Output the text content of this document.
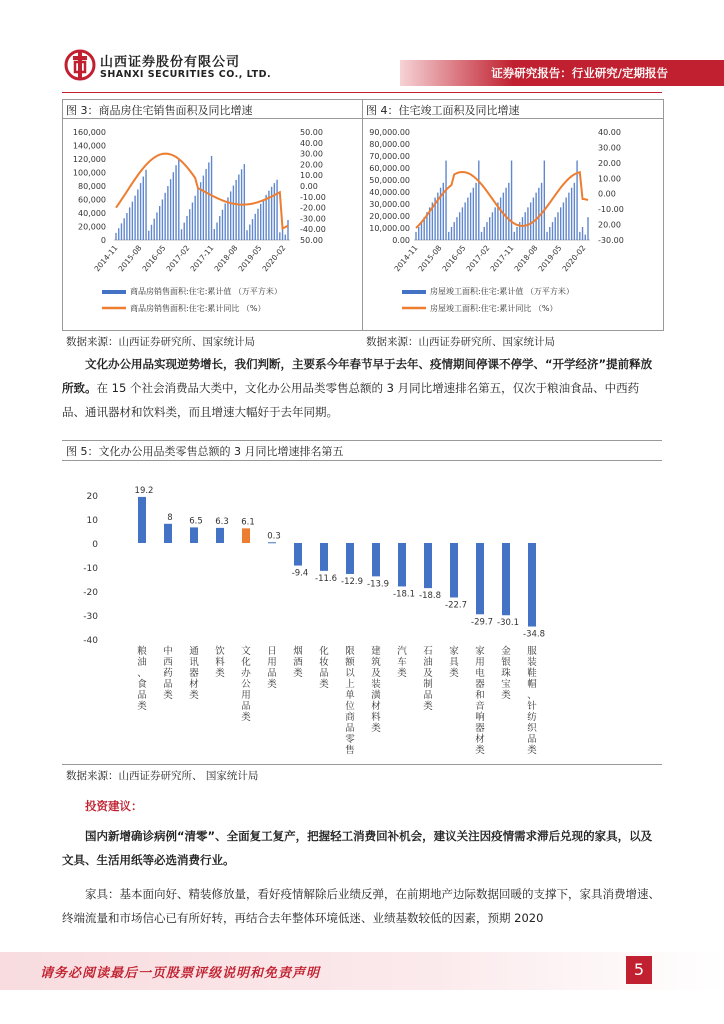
山西证券股份有限公司
SHANXI SECURITIES CO., LTD.	证券研究报告：行业研究/定期报告
图 3：商品房住宅销售面积及同比增速	图 4：住宅竣工面积及同比增速
160,000
140,000
120,000
100,000
80,000
60,000
40,000
20,000
0
50.00
40.00
30.00
20.00
10.00
0.00
-10.00
-20.00
-30.00
-40.00
50.00
2014-11
2015-08
2016-05
2017-02
2017-11
2018-08
2019-05
2020-02
商品房销售面积:住宅:累计值 （万平方米）
商品房销售面积:住宅:累计同比 （%）
90,000.00
80,000.00
70,000.00
60,000.00
50,000.00
40,000.00
30,000.00
20,000.00
10,000.00
0.00
40.00
30.00
20.00
10.00
0.00
-10.00
20.00
-30.00
2014-11
2015-08
2016-05
2017-02
2017-11
2018-08
2019-05
2020-02
房屋竣工面积:住宅:累计值 （万平方米）
房屋竣工面积:住宅:累计同比 （%）
数据来源：山西证券研究所、国家统计局	数据来源：山西证券研究所、国家统计局
文化办公用品实现逆势增长，我们判断，主要系今年春节早于去年、疫情期间停课不停学、“开学经济”提前释放所致。在 15 个社会消费品大类中，文化办公用品类零售总额的 3 月同比增速排名第五，仅次于粮油食品、中西药品、通讯器材和饮料类，而且增速大幅好于去年同期。
图 5：文化办公用品类零售总额的 3 月同比增速排名第五
20
10
0
-10
-20
-30
-40
19.2
粮
油
、
食
品
类
8
中
西
药
品
类
6.5
通
讯
器
材
类
6.3
饮
料
类
6.1
文
化
办
公
用
品
类
0.3
日
用
品
类
-9.4
烟
酒
类
-11.6
化
妆
品
类
-12.9
限
额
以
上
单
位
商
品
零
售
-13.9
建
筑
及
装
潢
材
料
类
-18.1
汽
车
类
-18.8
石
油
及
制
品
类
-22.7
家
具
类
-29.7
家
用
电
器
和
音
响
器
材
类
-30.1
金
银
珠
宝
类
-34.8
服
装
鞋
帽
、
针
纺
织
品
类
数据来源：山西证券研究所、 国家统计局
投资建议：
国内新增确诊病例“清零”、全面复工复产，把握轻工消费回补机会，建议关注因疫情需求滞后兑现的家具，以及文具、生活用纸等必选消费行业。
家具：基本面向好、精装修放量，看好疫情解除后业绩反弹，在前期地产边际数据回暖的支撑下，家具消费增速、终端流量和市场信心已有所好转，再结合去年整体环境低迷、业绩基数较低的因素，预期 2020
请务必阅读最后一页股票评级说明和免责声明	5
